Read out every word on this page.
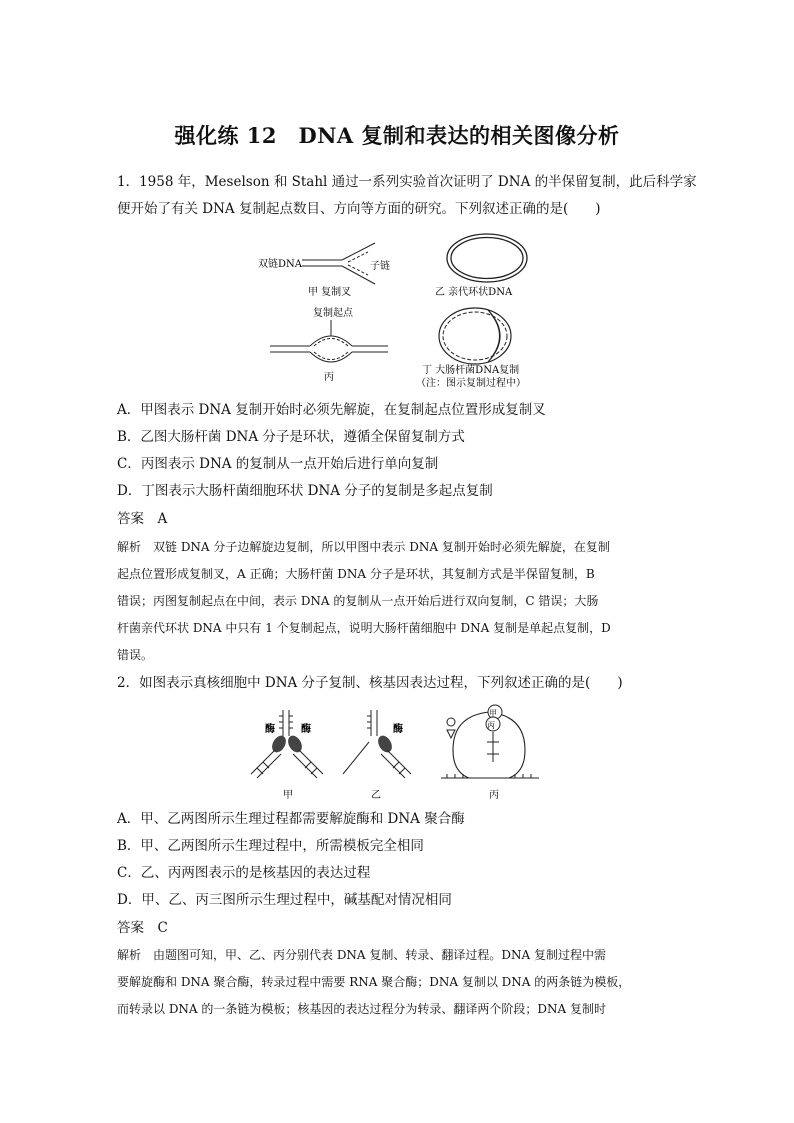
强化练 12　DNA 复制和表达的相关图像分析
1．1958 年，Meselson 和 Stahl 通过一系列实验首次证明了 DNA 的半保留复制，此后科学家
便开始了有关 DNA 复制起点数目、方向等方面的研究。下列叙述正确的是(　　)
双链DNA	子链
甲 复制叉	乙 亲代环状DNA
复制起点
丙
丁 大肠杆菌DNA复制
（注：图示复制过程中）
A．甲图表示 DNA 复制开始时必须先解旋，在复制起点位置形成复制叉
B．乙图大肠杆菌 DNA 分子是环状，遵循全保留复制方式
C．丙图表示 DNA 的复制从一点开始后进行单向复制
D．丁图表示大肠杆菌细胞环状 DNA 分子的复制是多起点复制
答案　A
解析　双链 DNA 分子边解旋边复制，所以甲图中表示 DNA 复制开始时必须先解旋，在复制
起点位置形成复制叉，A 正确；大肠杆菌 DNA 分子是环状，其复制方式是半保留复制，B
错误；丙图复制起点在中间，表示 DNA 的复制从一点开始后进行双向复制，C 错误；大肠
杆菌亲代环状 DNA 中只有 1 个复制起点，说明大肠杆菌细胞中 DNA 复制是单起点复制，D
错误。
2．如图表示真核细胞中 DNA 分子复制、核基因表达过程，下列叙述正确的是(　　)
酶	酶
甲
酶
乙
甲
丙
丙
A．甲、乙两图所示生理过程都需要解旋酶和 DNA 聚合酶
B．甲、乙两图所示生理过程中，所需模板完全相同
C．乙、丙两图表示的是核基因的表达过程
D．甲、乙、丙三图所示生理过程中，碱基配对情况相同
答案　C
解析　由题图可知，甲、乙、丙分别代表 DNA 复制、转录、翻译过程。DNA 复制过程中需
要解旋酶和 DNA 聚合酶，转录过程中需要 RNA 聚合酶；DNA 复制以 DNA 的两条链为模板，
而转录以 DNA 的一条链为模板；核基因的表达过程分为转录、翻译两个阶段；DNA 复制时
